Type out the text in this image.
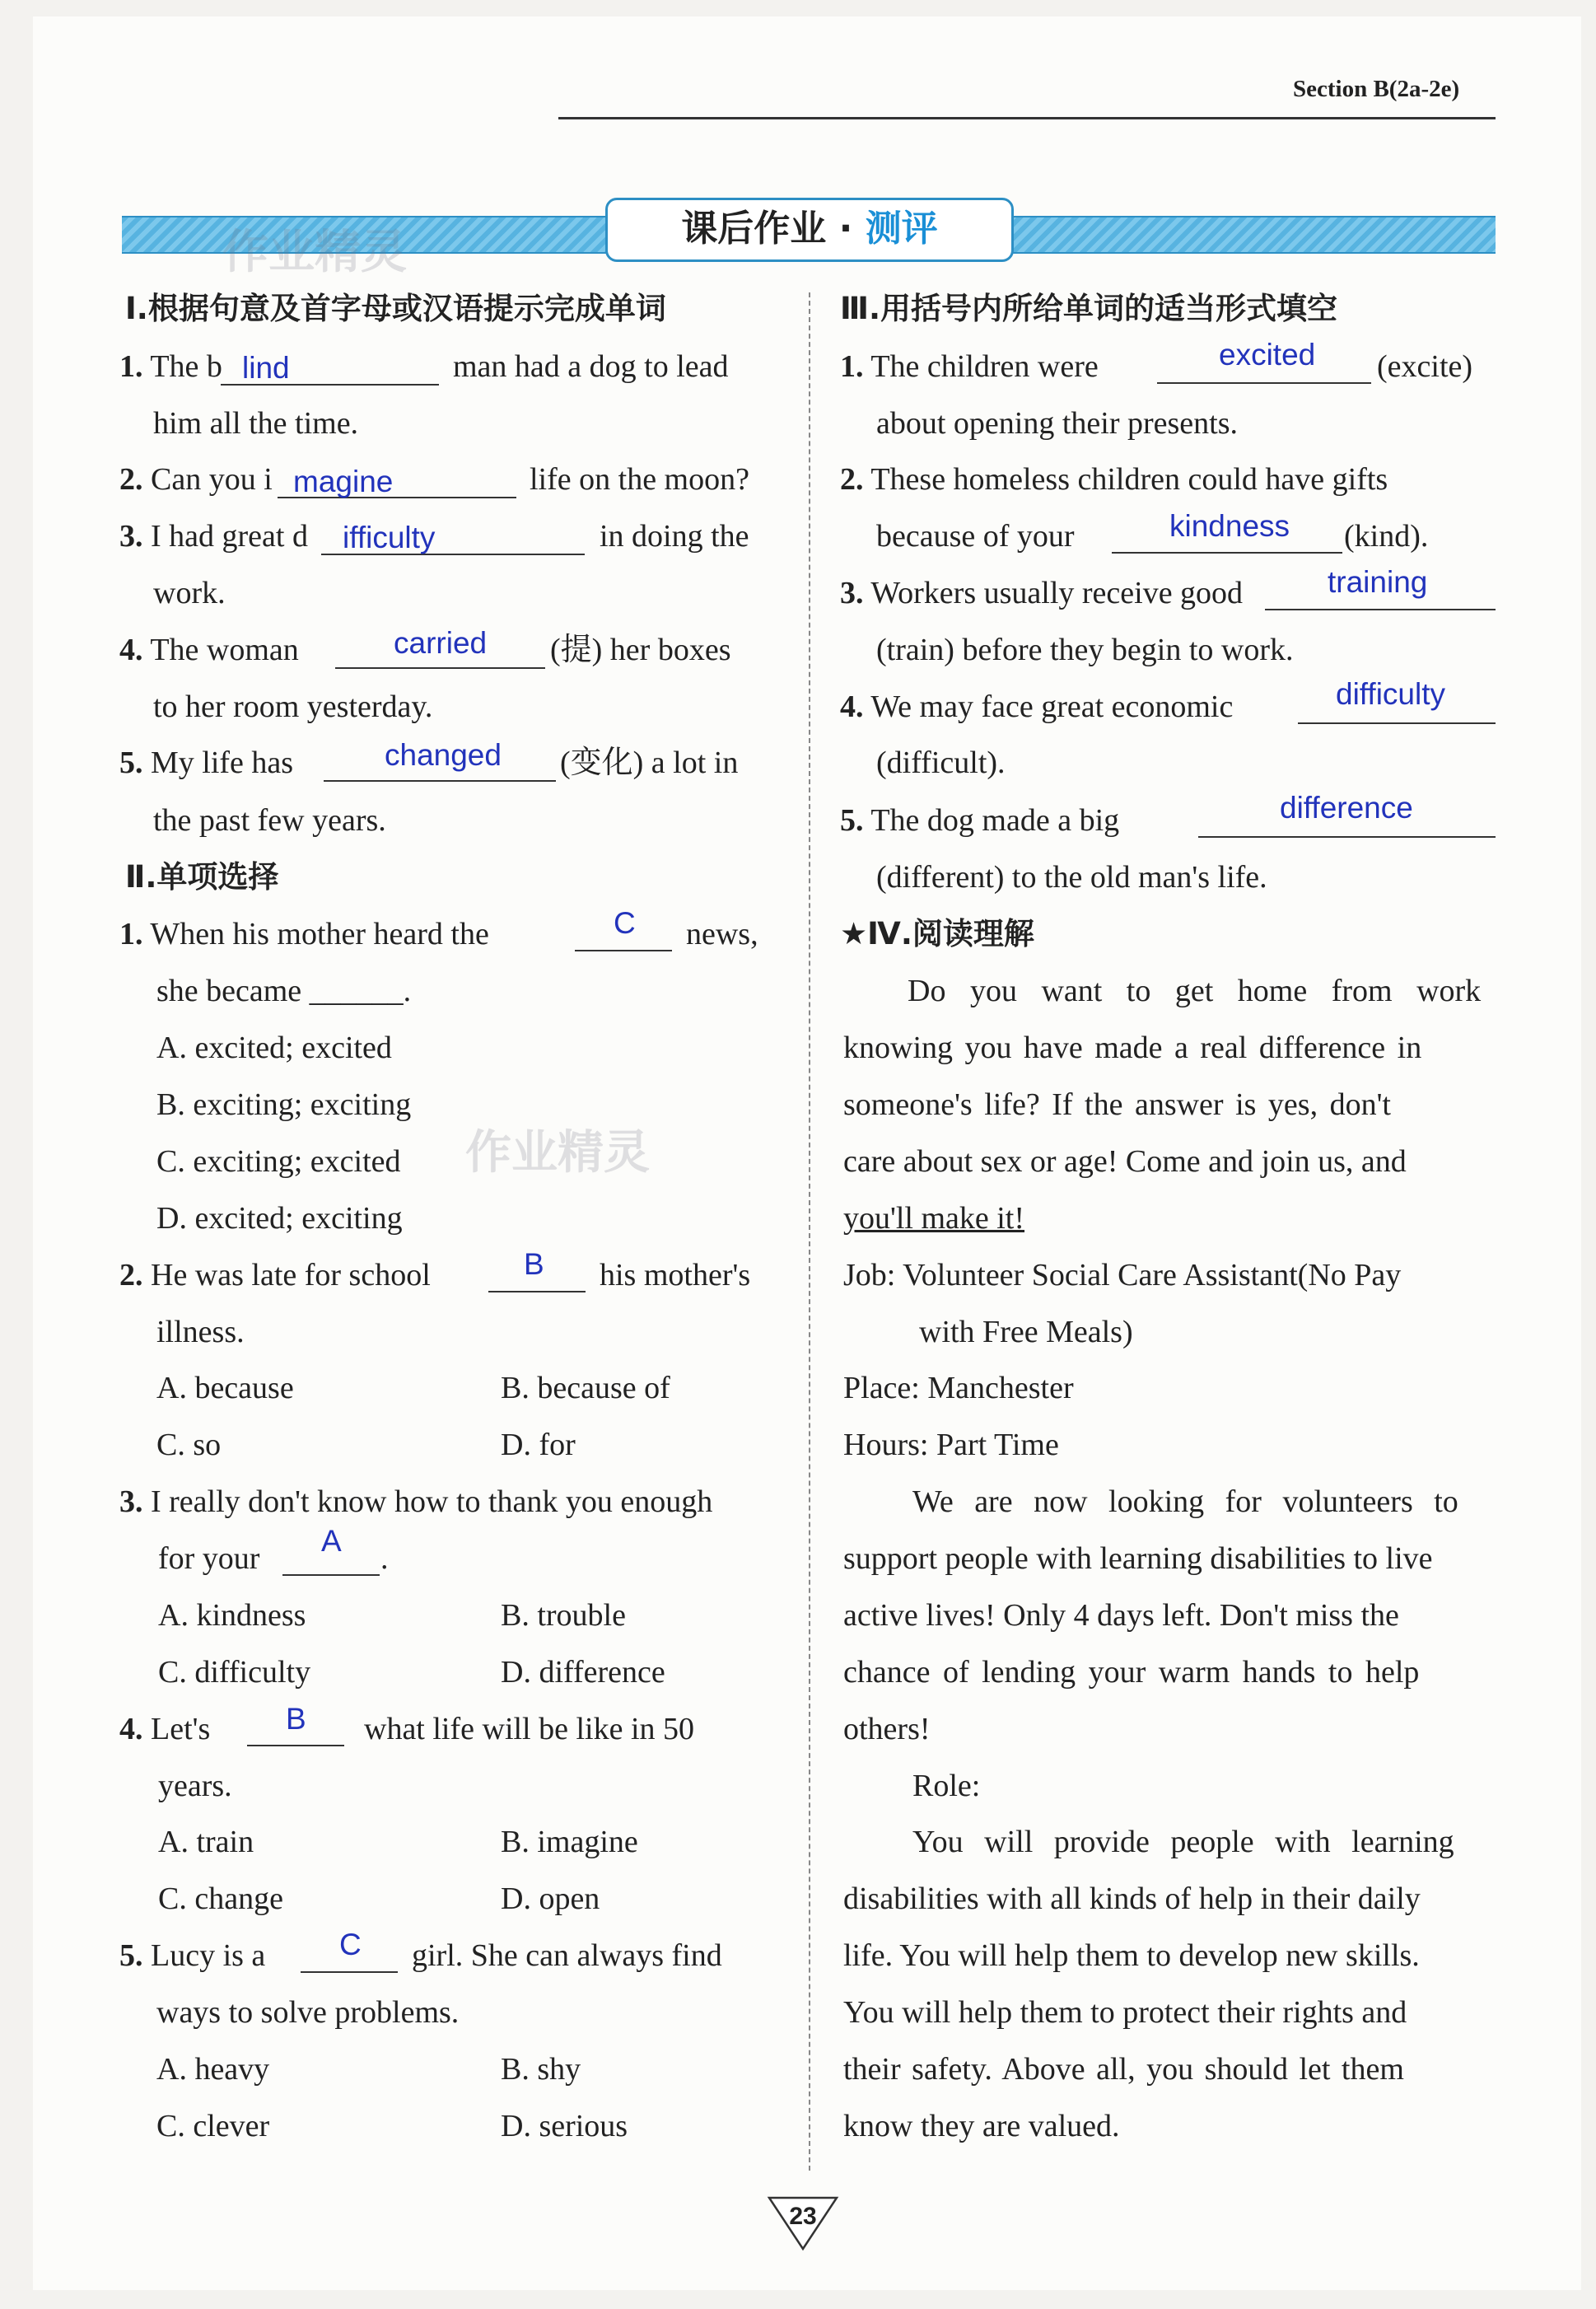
Section B(2a-2e)
课后作业 · 测评
作业精灵
作业精灵
Ⅰ.根据句意及首字母或汉语提示完成单词
1. The b lind	man had a dog to lead
him all the time.
2. Can you i magine	life on the moon?
3. I had great d ifficulty	in doing the
work.
4. The woman	carried (提) her boxes
to her room yesterday.
5. My life has	changed (变化) a lot in
the past few years.
Ⅱ.单项选择
1. When his mother heard the	C news,
she became ______.
A. excited; excited
B. exciting; exciting
C. exciting; excited
D. excited; exciting
2. He was late for school	B his mother's
illness.
A. because	B. because of
C. so	D. for
3. I really don't know how to thank you enough
for your
A
.
A. kindness	B. trouble
C. difficulty	D. difference
4. Let's B what life will be like in 50
years.
A. train	B. imagine
C. change	D. open
5. Lucy is a C girl. She can always find
ways to solve problems.
A. heavy	B. shy
C. clever	D. serious
Ⅲ.用括号内所给单词的适当形式填空
1. The children were	excited (excite)
about opening their presents.
2. These homeless children could have gifts
because of your	kindness (kind).
3. Workers usually receive good	training
(train) before they begin to work.
4. We may face great economic	difficulty
(difficult).
5. The dog made a big	difference
(different) to the old man's life.
★Ⅳ.阅读理解
Do you want to get home from work
knowing you have made a real difference in
someone's life? If the answer is yes, don't
care about sex or age! Come and join us, and
you'll make it!
Job: Volunteer Social Care Assistant(No Pay
with Free Meals)
Place: Manchester
Hours: Part Time
We are now looking for volunteers to
support people with learning disabilities to live
active lives! Only 4 days left. Don't miss the
chance of lending your warm hands to help
others!
Role:
You will provide people with learning
disabilities with all kinds of help in their daily
life. You will help them to develop new skills.
You will help them to protect their rights and
their safety. Above all, you should let them
know they are valued.
23
